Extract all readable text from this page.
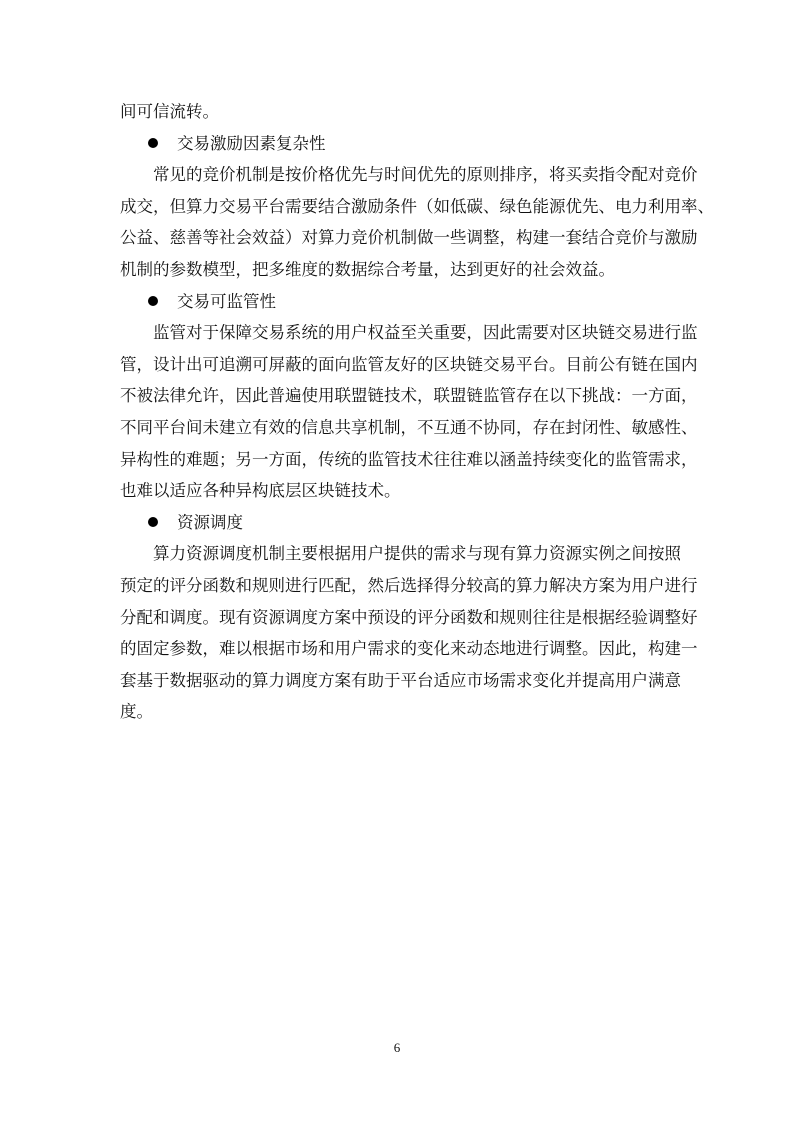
间可信流转。
交易激励因素复杂性
常见的竞价机制是按价格优先与时间优先的原则排序，将买卖指令配对竞价
成交，但算力交易平台需要结合激励条件（如低碳、绿色能源优先、电力利用率、
公益、慈善等社会效益）对算力竞价机制做一些调整，构建一套结合竞价与激励
机制的参数模型，把多维度的数据综合考量，达到更好的社会效益。
交易可监管性
监管对于保障交易系统的用户权益至关重要，因此需要对区块链交易进行监
管，设计出可追溯可屏蔽的面向监管友好的区块链交易平台。目前公有链在国内
不被法律允许，因此普遍使用联盟链技术，联盟链监管存在以下挑战：一方面，
不同平台间未建立有效的信息共享机制，不互通不协同，存在封闭性、敏感性、
异构性的难题；另一方面，传统的监管技术往往难以涵盖持续变化的监管需求，
也难以适应各种异构底层区块链技术。
资源调度
算力资源调度机制主要根据用户提供的需求与现有算力资源实例之间按照
预定的评分函数和规则进行匹配，然后选择得分较高的算力解决方案为用户进行
分配和调度。现有资源调度方案中预设的评分函数和规则往往是根据经验调整好
的固定参数，难以根据市场和用户需求的变化来动态地进行调整。因此，构建一
套基于数据驱动的算力调度方案有助于平台适应市场需求变化并提高用户满意
度。
6
